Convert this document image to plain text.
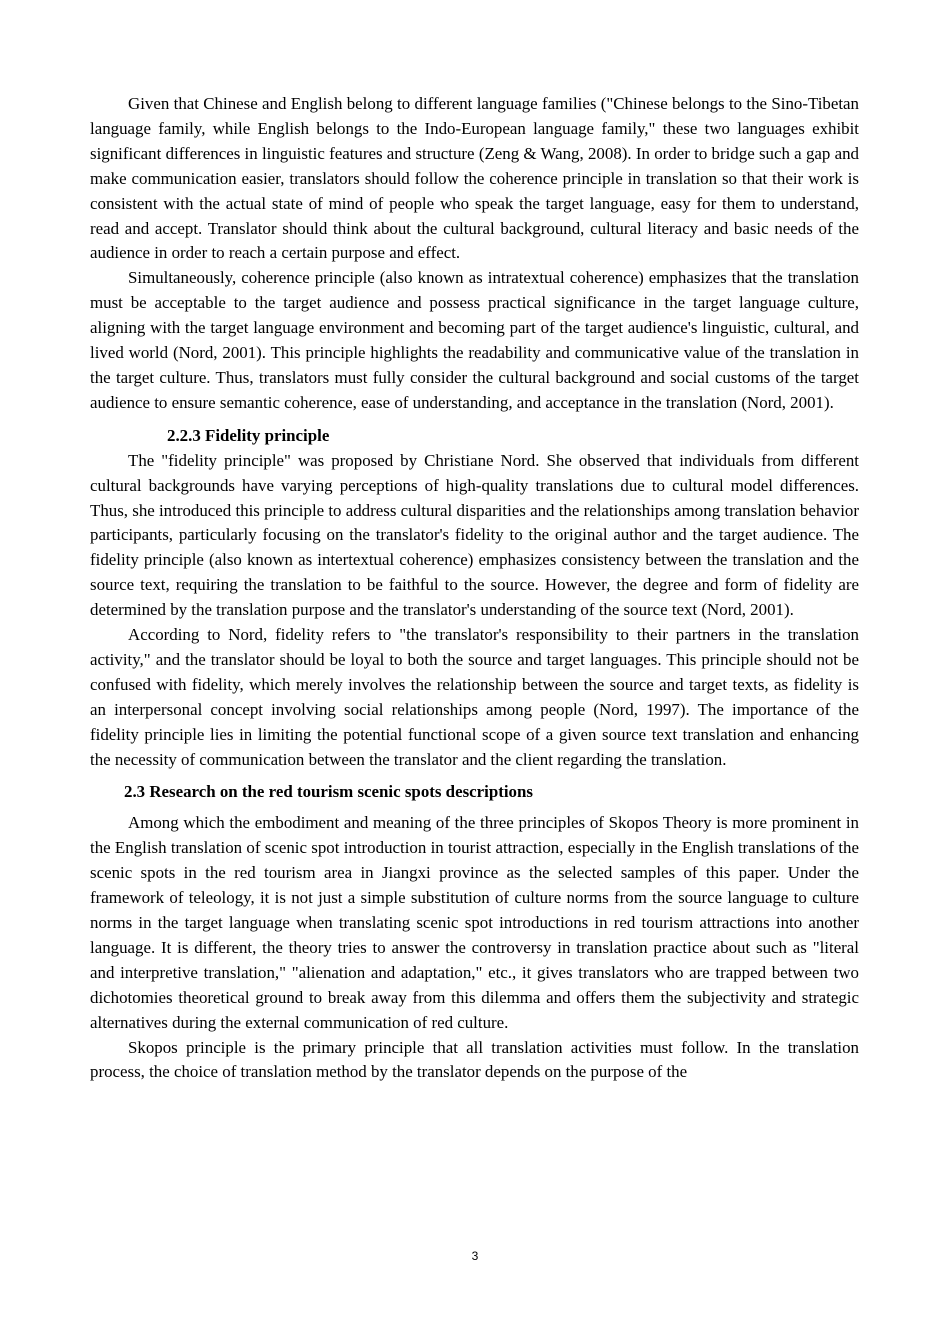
Given that Chinese and English belong to different language families ("Chinese belongs to the Sino-Tibetan language family, while English belongs to the Indo-European language family," these two languages exhibit significant differences in linguistic features and structure (Zeng & Wang, 2008). In order to bridge such a gap and make communication easier, translators should follow the coherence principle in translation so that their work is consistent with the actual state of mind of people who speak the target language, easy for them to understand, read and accept. Translator should think about the cultural background, cultural literacy and basic needs of the audience in order to reach a certain purpose and effect.

Simultaneously, coherence principle (also known as intratextual coherence) emphasizes that the translation must be acceptable to the target audience and possess practical significance in the target language culture, aligning with the target language environment and becoming part of the target audience's linguistic, cultural, and lived world (Nord, 2001). This principle highlights the readability and communicative value of the translation in the target culture. Thus, translators must fully consider the cultural background and social customs of the target audience to ensure semantic coherence, ease of understanding, and acceptance in the translation (Nord, 2001).

2.2.3 Fidelity principle

The "fidelity principle" was proposed by Christiane Nord. She observed that individuals from different cultural backgrounds have varying perceptions of high-quality translations due to cultural model differences. Thus, she introduced this principle to address cultural disparities and the relationships among translation behavior participants, particularly focusing on the translator's fidelity to the original author and the target audience. The fidelity principle (also known as intertextual coherence) emphasizes consistency between the translation and the source text, requiring the translation to be faithful to the source. However, the degree and form of fidelity are determined by the translation purpose and the translator's understanding of the source text (Nord, 2001).

According to Nord, fidelity refers to "the translator's responsibility to their partners in the translation activity," and the translator should be loyal to both the source and target languages. This principle should not be confused with fidelity, which merely involves the relationship between the source and target texts, as fidelity is an interpersonal concept involving social relationships among people (Nord, 1997). The importance of the fidelity principle lies in limiting the potential functional scope of a given source text translation and enhancing the necessity of communication between the translator and the client regarding the translation.

2.3 Research on the red tourism scenic spots descriptions

Among which the embodiment and meaning of the three principles of Skopos Theory is more prominent in the English translation of scenic spot introduction in tourist attraction, especially in the English translations of the scenic spots in the red tourism area in Jiangxi province as the selected samples of this paper. Under the framework of teleology, it is not just a simple substitution of culture norms from the source language to culture norms in the target language when translating scenic spot introductions in red tourism attractions into another language. It is different, the theory tries to answer the controversy in translation practice about such as "literal and interpretive translation," "alienation and adaptation," etc., it gives translators who are trapped between two dichotomies theoretical ground to break away from this dilemma and offers them the subjectivity and strategic alternatives during the external communication of red culture.

Skopos principle is the primary principle that all translation activities must follow. In the translation process, the choice of translation method by the translator depends on the purpose of the

3
